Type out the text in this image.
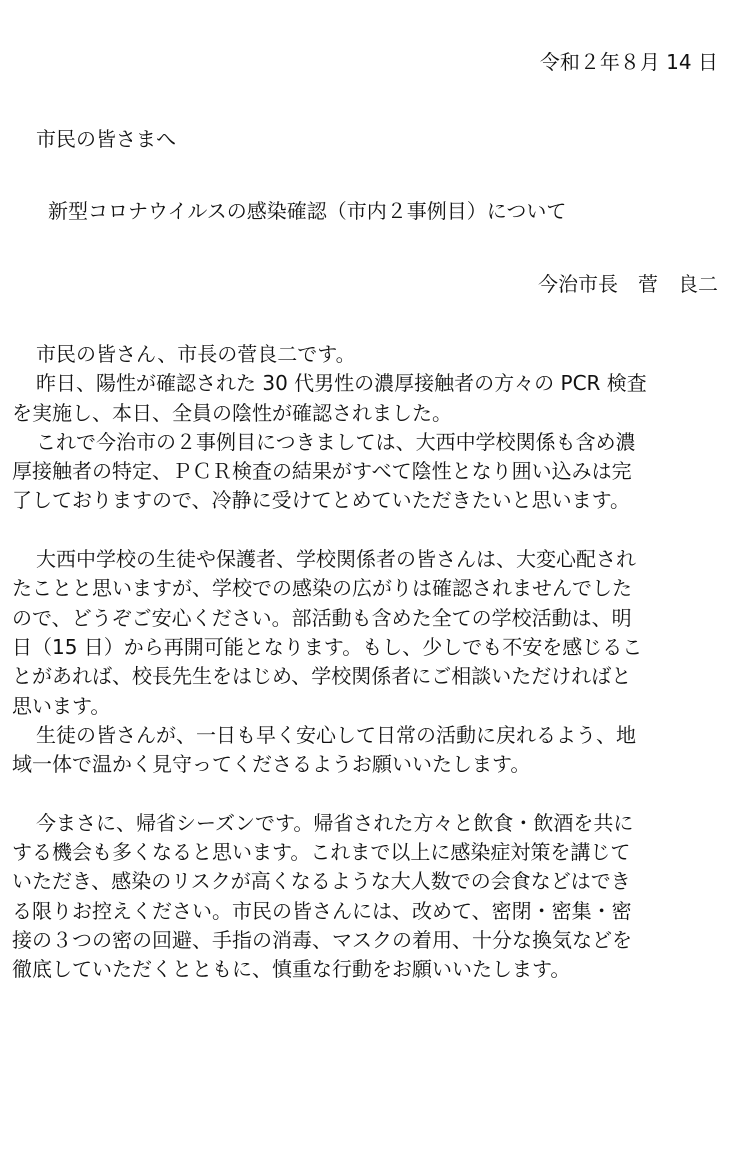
令和２年８月 14 日
市民の皆さまへ
新型コロナウイルスの感染確認（市内２事例目）について
今治市長　菅　良二

市民の皆さん、市長の菅良二です。

昨日、陽性が確認された 30 代男性の濃厚接触者の方々の PCR 検査
を実施し、本日、全員の陰性が確認されました。

これで今治市の２事例目につきましては、大西中学校関係も含め濃
厚接触者の特定、ＰＣＲ検査の結果がすべて陰性となり囲い込みは完
了しておりますので、冷静に受けてとめていただきたいと思います。

大西中学校の生徒や保護者、学校関係者の皆さんは、大変心配され
たことと思いますが、学校での感染の広がりは確認されませんでした
ので、どうぞご安心ください。部活動も含めた全ての学校活動は、明
日（15 日）から再開可能となります。もし、少しでも不安を感じるこ
とがあれば、校長先生をはじめ、学校関係者にご相談いただければと
思います。

生徒の皆さんが、一日も早く安心して日常の活動に戻れるよう、地
域一体で温かく見守ってくださるようお願いいたします。

今まさに、帰省シーズンです。帰省された方々と飲食・飲酒を共に
する機会も多くなると思います。これまで以上に感染症対策を講じて
いただき、感染のリスクが高くなるような大人数での会食などはでき
る限りお控えください。市民の皆さんには、改めて、密閉・密集・密
接の３つの密の回避、手指の消毒、マスクの着用、十分な換気などを
徹底していただくとともに、慎重な行動をお願いいたします。
